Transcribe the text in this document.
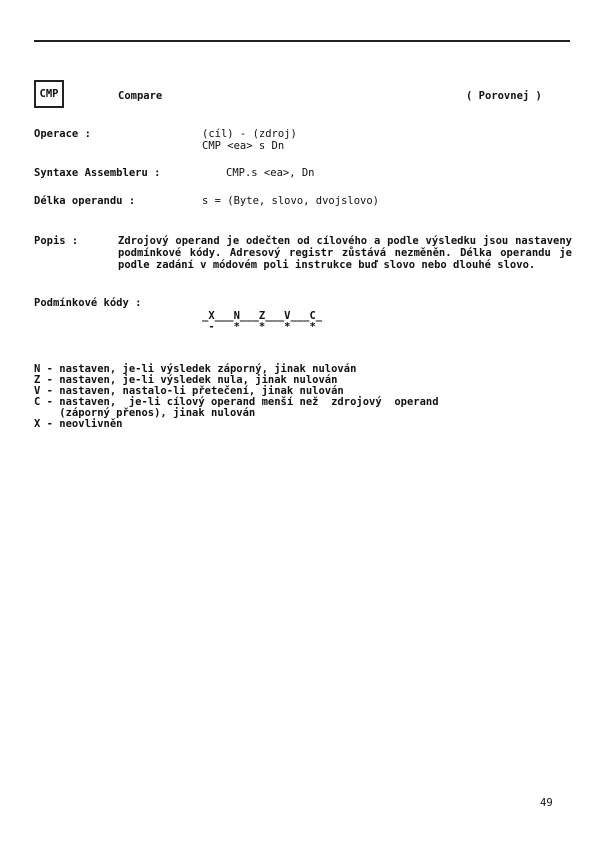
CMP	Compare	( Porovnej )
Operace :	(cíl) - (zdroj)
CMP <ea> s Dn
Syntaxe Assembleru :	CMP.s <ea>, Dn
Délka operandu :	s = (Byte, slovo, dvojslovo)
Popis :	Zdrojový operand je odečten od cílového a podle výsledku jsou nastaveny podmínkové kódy. Adresový registr zůstává nezměněn. Délka operandu je podle zadání v módovém poli instrukce buď slovo nebo dlouhé slovo.
Podmínkové kódy :
_X___N___Z___V___C_
-   *   *   *   *
N - nastaven, je-li výsledek záporný, jinak nulován
Z - nastaven, je-li výsledek nula, jinak nulován
V - nastaven, nastalo-li přetečení, jinak nulován
C - nastaven,  je-li cílový operand menší než  zdrojový  operand
(záporný přenos), jinak nulován
X - neovlivněn
49
